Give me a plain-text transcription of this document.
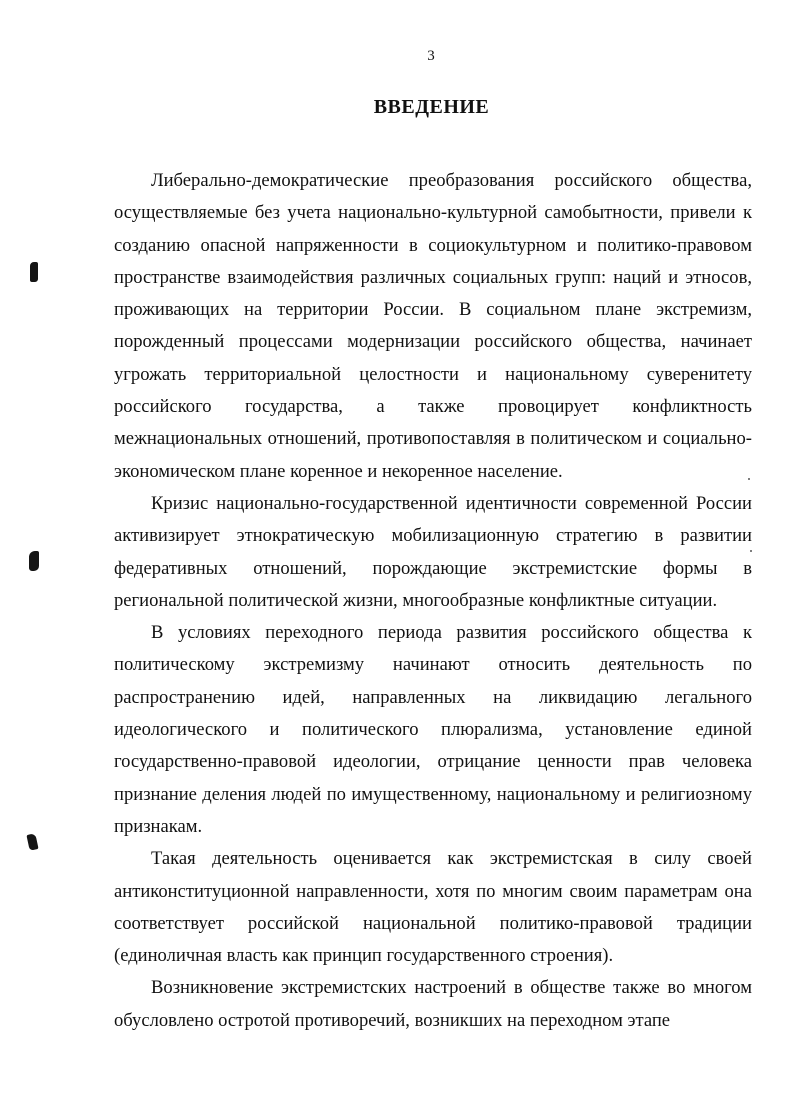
3
ВВЕДЕНИЕ

Либерально-демократические преобразования российского общества, осуществляемые без учета национально-культурной самобытности, привели к созданию опасной напряженности в социокультурном и политико-правовом пространстве взаимодействия различных социальных групп: наций и этносов, проживающих на территории России. В социальном плане экстремизм, порожденный процессами модернизации российского общества, начинает угрожать территориальной целостности и национальному суверенитету российского государства, а также провоцирует конфликтность межнациональных отношений, противопоставляя в политическом и социально-экономическом плане коренное и некоренное население.

Кризис национально-государственной идентичности современной России активизирует этнократическую мобилизационную стратегию в развитии федеративных отношений, порождающие экстремистские формы в региональной политической жизни, многообразные конфликтные ситуации.

В условиях переходного периода развития российского общества к политическому экстремизму начинают относить деятельность по распространению идей, направленных на ликвидацию легального идеологического и политического плюрализма, установление единой государственно-правовой идеологии, отрицание ценности прав человека признание деления людей по имущественному, национальному и религиозному признакам.

Такая деятельность оценивается как экстремистская в силу своей антиконституционной направленности, хотя по многим своим параметрам она соответствует российской национальной политико-правовой традиции (единоличная власть как принцип государственного строения).

Возникновение экстремистских настроений в обществе также во многом обусловлено остротой противоречий, возникших на переходном этапе
